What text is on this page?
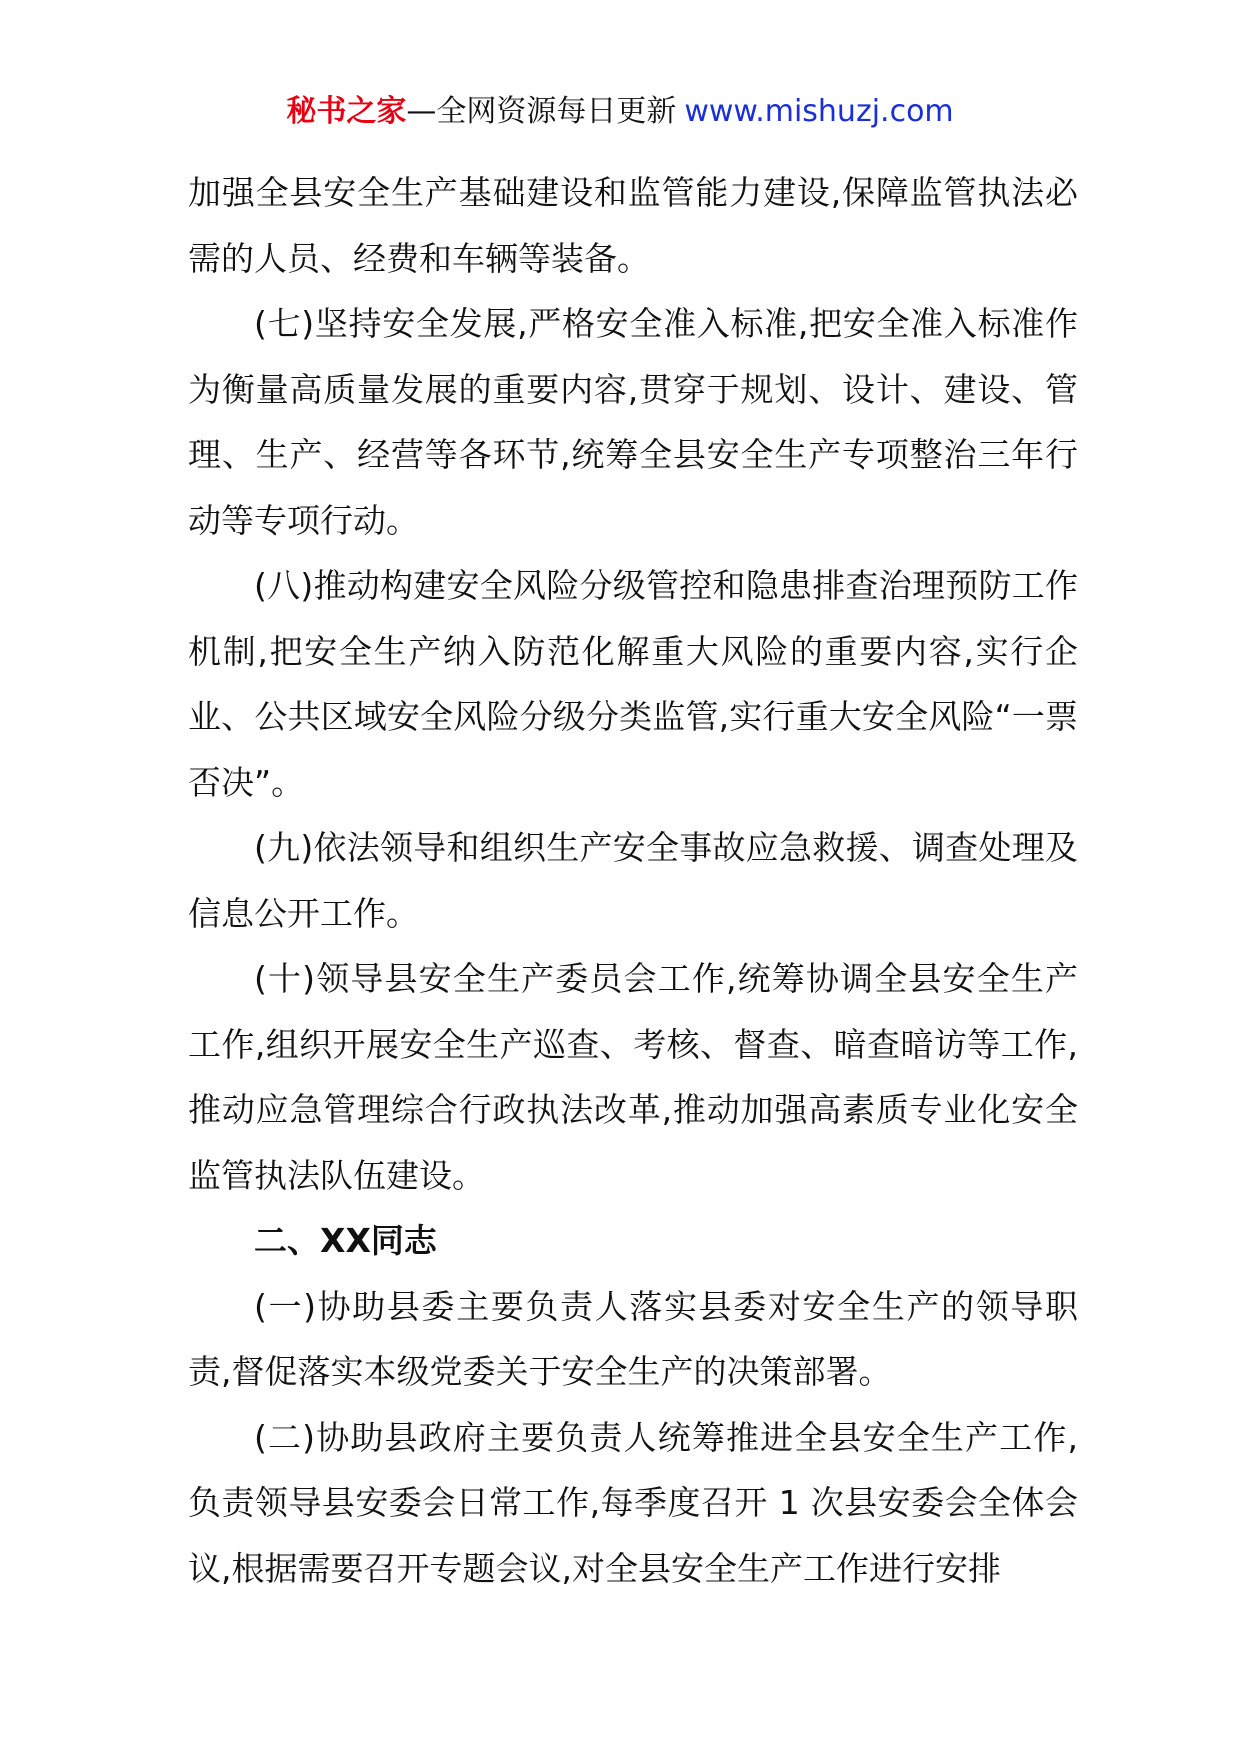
秘书之家—全网资源每日更新 www.mishuzj.com

加强全县安全生产基础建设和监管能力建设,保障监管执法必需的人员、经费和车辆等装备。

(七)坚持安全发展,严格安全准入标准,把安全准入标准作为衡量高质量发展的重要内容,贯穿于规划、设计、建设、管理、生产、经营等各环节,统筹全县安全生产专项整治三年行动等专项行动。

(八)推动构建安全风险分级管控和隐患排查治理预防工作机制,把安全生产纳入防范化解重大风险的重要内容,实行企业、公共区域安全风险分级分类监管,实行重大安全风险“一票否决”。

(九)依法领导和组织生产安全事故应急救援、调查处理及信息公开工作。

(十)领导县安全生产委员会工作,统筹协调全县安全生产工作,组织开展安全生产巡查、考核、督查、暗查暗访等工作,推动应急管理综合行政执法改革,推动加强高素质专业化安全监管执法队伍建设。

二、XX同志

(一)协助县委主要负责人落实县委对安全生产的领导职责,督促落实本级党委关于安全生产的决策部署。

(二)协助县政府主要负责人统筹推进全县安全生产工作,负责领导县安委会日常工作,每季度召开 1 次县安委会全体会议,根据需要召开专题会议,对全县安全生产工作进行安排
